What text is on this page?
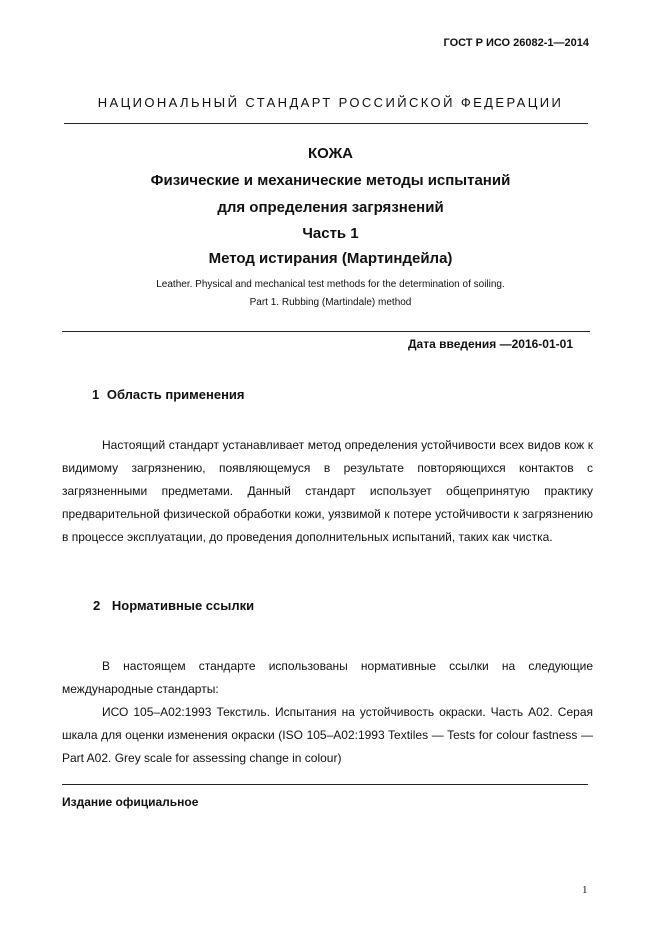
ГОСТ Р ИСО 26082-1—2014
НАЦИОНАЛЬНЫЙ СТАНДАРТ РОССИЙСКОЙ ФЕДЕРАЦИИ
КОЖА
Физические и механические методы испытаний
для определения загрязнений
Часть 1
Метод истирания (Мартиндейла)
Leather. Physical and mechanical test methods for the determination of soiling.
Part 1. Rubbing (Martindale) method
Дата введения —2016-01-01
1 Область применения

Настоящий стандарт устанавливает метод определения устойчивости всех видов кож к видимому загрязнению, появляющемуся в результате повторяющихся контактов с загрязненными предметами. Данный стандарт использует общепринятую практику предварительной физической обработки кожи, уязвимой к потере устойчивости к загрязнению в процессе эксплуатации, до проведения дополнительных испытаний, таких как чистка.

2 Нормативные ссылки

В настоящем стандарте использованы нормативные ссылки на следующие международные стандарты:

ИСО 105–А02:1993 Текстиль. Испытания на устойчивость окраски. Часть А02. Серая шкала для оценки изменения окраски (ISO 105–A02:1993 Textiles — Tests for colour fastness — Part A02. Grey scale for assessing change in colour)

Издание официальное
1
